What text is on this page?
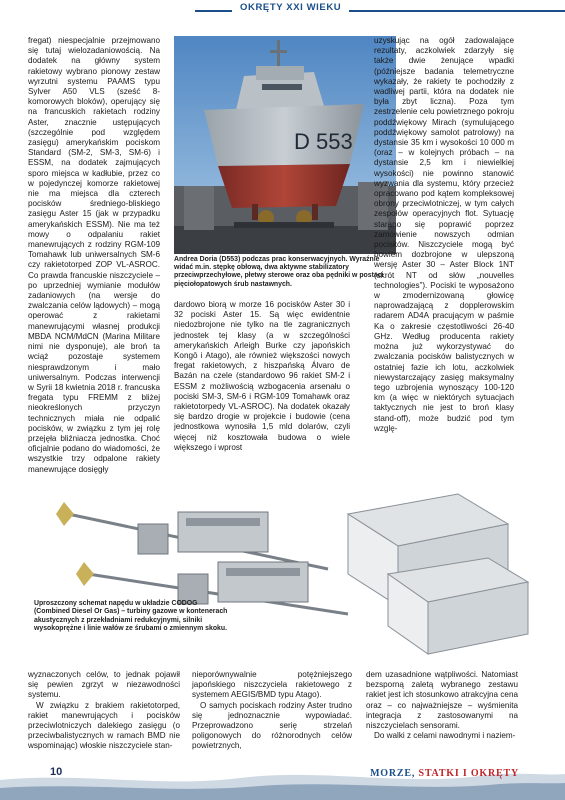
OKRĘTY XXI WIEKU

fregat) niespecjalnie przejmowano się tutaj wielozadaniowością. Na dodatek na główny system rakietowy wybrano pionowy zestaw wyrzutni systemu PAAMS typu Sylver A50 VLS (sześć 8-komorowych bloków), operujący się na francuskich rakietach rodziny Aster, znacznie ustępujących (szczególnie pod względem zasięgu) amerykańskim pociskom Standard (SM-2, SM-3, SM-6) i ESSM, na dodatek zajmujących sporo miejsca w kadłubie, przez co w pojedynczej komorze rakietowej nie ma miejsca dla czterech pocisków średniego-bliskiego zasięgu Aster 15 (jak w przypadku amerykańskich ESSM). Nie ma też mowy o odpalaniu rakiet manewrujących z rodziny RGM-109 Tomahawk lub uniwersalnych SM-6 czy rakietotorped ZOP VL-ASROC. Co prawda francuskie niszczyciele – po uprzedniej wymianie modułów zadaniowych (na wersje do zwalczania celów lądowych) – mogą operować z rakietami manewrującymi własnej produkcji MBDA NCM/MdCN (Marina Militare nimi nie dysponuje), ale broń ta wciąż pozostaje systemem niesprawdzonym i mało uniwersalnym. Podczas interwencji w Syrii 18 kwietnia 2018 r. francuska fregata typu FREMM z bliżej nieokreślonych przyczyn technicznych miała nie odpalić pocisków, w związku z tym jej rolę przejęła bliźniacza jednostka. Choć oficjalnie podano do wiadomości, że wszystkie trzy odpalone rakiety manewrujące dosięgły

D 553
Andrea Doria (D553) podczas prac konserwacyjnych. Wyraźnie widać m.in. stępkę obłową, dwa aktywne stabilizatory przeciwprzechyłowe, płetwy sterowe oraz oba pędniki w postaci pięciołopatowych śrub nastawnych.

dardowo biorą w morze 16 pocisków Aster 30 i 32 pociski Aster 15. Są więc ewidentnie niedozbrojone nie tylko na tle zagranicznych jednostek tej klasy (a w szczególności amerykańskich Arleigh Burke czy japońskich Kongō i Atago), ale również większości nowych fregat rakietowych, z hiszpańską Álvaro de Bazán na czele (standardowo 96 rakiet SM-2 i ESSM z możliwością wzbogacenia arsenału o pociski SM-3, SM-6 i RGM-109 Tomahawk oraz rakietotorpedy VL-ASROC). Na dodatek okazały się bardzo drogie w projekcie i budowie (cena jednostkowa wynosiła 1,5 mld dolarów, czyli więcej niż kosztowała budowa o wiele większego i wprost

uzyskując na ogół zadowalające rezultaty, aczkolwiek zdarzyły się także dwie żenujące wpadki (późniejsze badania telemetryczne wykazały, że rakiety te pochodziły z wadliwej partii, która na dodatek nie była zbyt liczna). Poza tym zestrzelenie celu powietrznego pokroju poddźwiękowy Mirach (symulującego poddźwiękowy samolot patrolowy) na dystansie 35 km i wysokości 10 000 m (oraz – w kolejnych próbach – na dystansie 2,5 km i niewielkiej wysokości) nie powinno stanowić wyzwania dla systemu, który przecież opracowano pod kątem kompleksowej obrony przeciwlotniczej, w tym całych zespołów operacyjnych flot. Sytuację starano się poprawić poprzez zamówienie nowszych odmian pocisków. Niszczyciele mogą być bowiem dozbrojone w ulepszoną wersję Aster 30 – Aster Block 1NT (skrót NT od słów „nouvelles technologies”). Pociski te wyposażono w zmodernizowaną głowicę naprowadzającą z dopplerowskim radarem AD4A pracującym w paśmie Ka o zakresie częstotliwości 26-40 GHz. Według producenta rakiety można już wykorzystywać do zwalczania pocisków balistycznych w ostatniej fazie ich lotu, aczkolwiek niewystarczający zasięg maksymalny tego uzbrojenia wynoszący 100-120 km (a więc w niektórych sytuacjach taktycznych nie jest to broń klasy stand-off), może budzić pod tym wzglę-

Uproszczony schemat napędu w układzie CODOG (Combined Diesel Or Gas) – turbiny gazowe w kontenerach akustycznych z przekładniami redukcyjnymi, silniki wysokoprężne i linie wałów ze śrubami o zmiennym skoku.

wyznaczonych celów, to jednak pojawił się pewien zgrzyt w niezawodności systemu.

W związku z brakiem rakietotorped, rakiet manewrujących i pocisków przeciwlotniczych dalekiego zasięgu (o przeciwbalistycznych w ramach BMD nie wspominając) włoskie niszczyciele stan-

nieporównywalnie potężniejszego japońskiego niszczyciela rakietowego z systemem AEGIS/BMD typu Atago).

O samych pociskach rodziny Aster trudno się jednoznacznie wypowiadać. Przeprowadzono serię strzelań poligonowych do różnorodnych celów powietrznych,

dem uzasadnione wątpliwości. Natomiast bezsporną zaletą wybranego zestawu rakiet jest ich stosunkowo atrakcyjna cena oraz – co najważniejsze – wyśmienita integracja z zastosowanymi na niszczycielach sensorami.

Do walki z celami nawodnymi i naziem-

10	MORZE, STATKI I OKRĘTY
